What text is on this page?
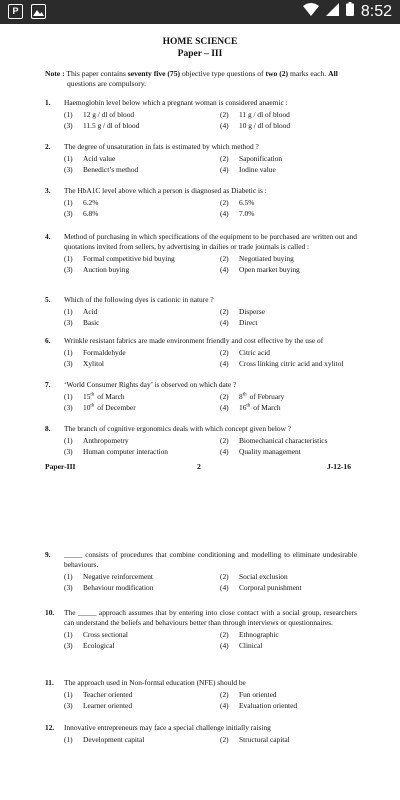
P	8:52
HOME SCIENCE
Paper – III
Note : This paper contains seventy five (75) objective type questions of two (2) marks each. All
questions are compulsory.
1.	Haemoglobin level below which a pregnant woman is considered anaemic :
(1)	12 g / dl of blood	(2)	11 g / dl of blood
(3)	11.5 g / dl of blood	(4)	10 g / dl of blood
2.	The degree of unsaturation in fats is estimated by which method ?
(1)	Acid value	(2)	Saponification
(3)	Benedict’s method	(4)	Iodine value
3.	The HbA1C level above which a person is diagnosed as Diabetic is :
(1)	6.2%	(2)	6.5%
(3)	6.8%	(4)	7.0%
4.	Method of purchasing in which specifications of the equipment to be purchased are written out and quotations invited from sellers, by advertising in dailies or trade journals is called :
(1)	Formal competitive bid buying	(2)	Negotiated buying
(3)	Auction buying	(4)	Open market buying
5.	Which of the following dyes is cationic in nature ?
(1)	Acid	(2)	Disperse
(3)	Basic	(4)	Direct
6.	Wrinkle resistant fabrics are made environment friendly and cost effective by the use of
(1)	Formaldehyde	(2)	Citric acid
(3)	Xylitol	(4)	Cross linking citric acid and xylitol
7.	‘World Consumer Rights day’ is observed on which date ?
(1)	15th of March	(2)	8th of February
(3)	10th of December	(4)	16th of March
8.	The branch of cognitive ergonomics deals with which concept given below ?
(1)	Anthropometry	(2)	Biomechanical characteristics
(3)	Human computer interaction	(4)	Quality management
9.	_____ consists of procedures that combine conditioning and modelling to eliminate undesirable behaviours.
(1)	Negative reinforcement	(2)	Social exclusion
(3)	Behaviour modification	(4)	Corporal punishment
10.	The _____ approach assumes that by entering into close contact with a social group, researchers can understand the beliefs and behaviours better than through interviews or questionnaires.
(1)	Cross sectional	(2)	Ethnographic
(3)	Ecological	(4)	Clinical
11.	The approach used in Non-formal education (NFE) should be
(1)	Teacher oriented	(2)	Fun oriented
(3)	Learner oriented	(4)	Evaluation oriented
12.	Innovative entrepreneurs may face a special challenge initially raising
(1)	Development capital	(2)	Structural capital
Paper-III	2	J-12-16
